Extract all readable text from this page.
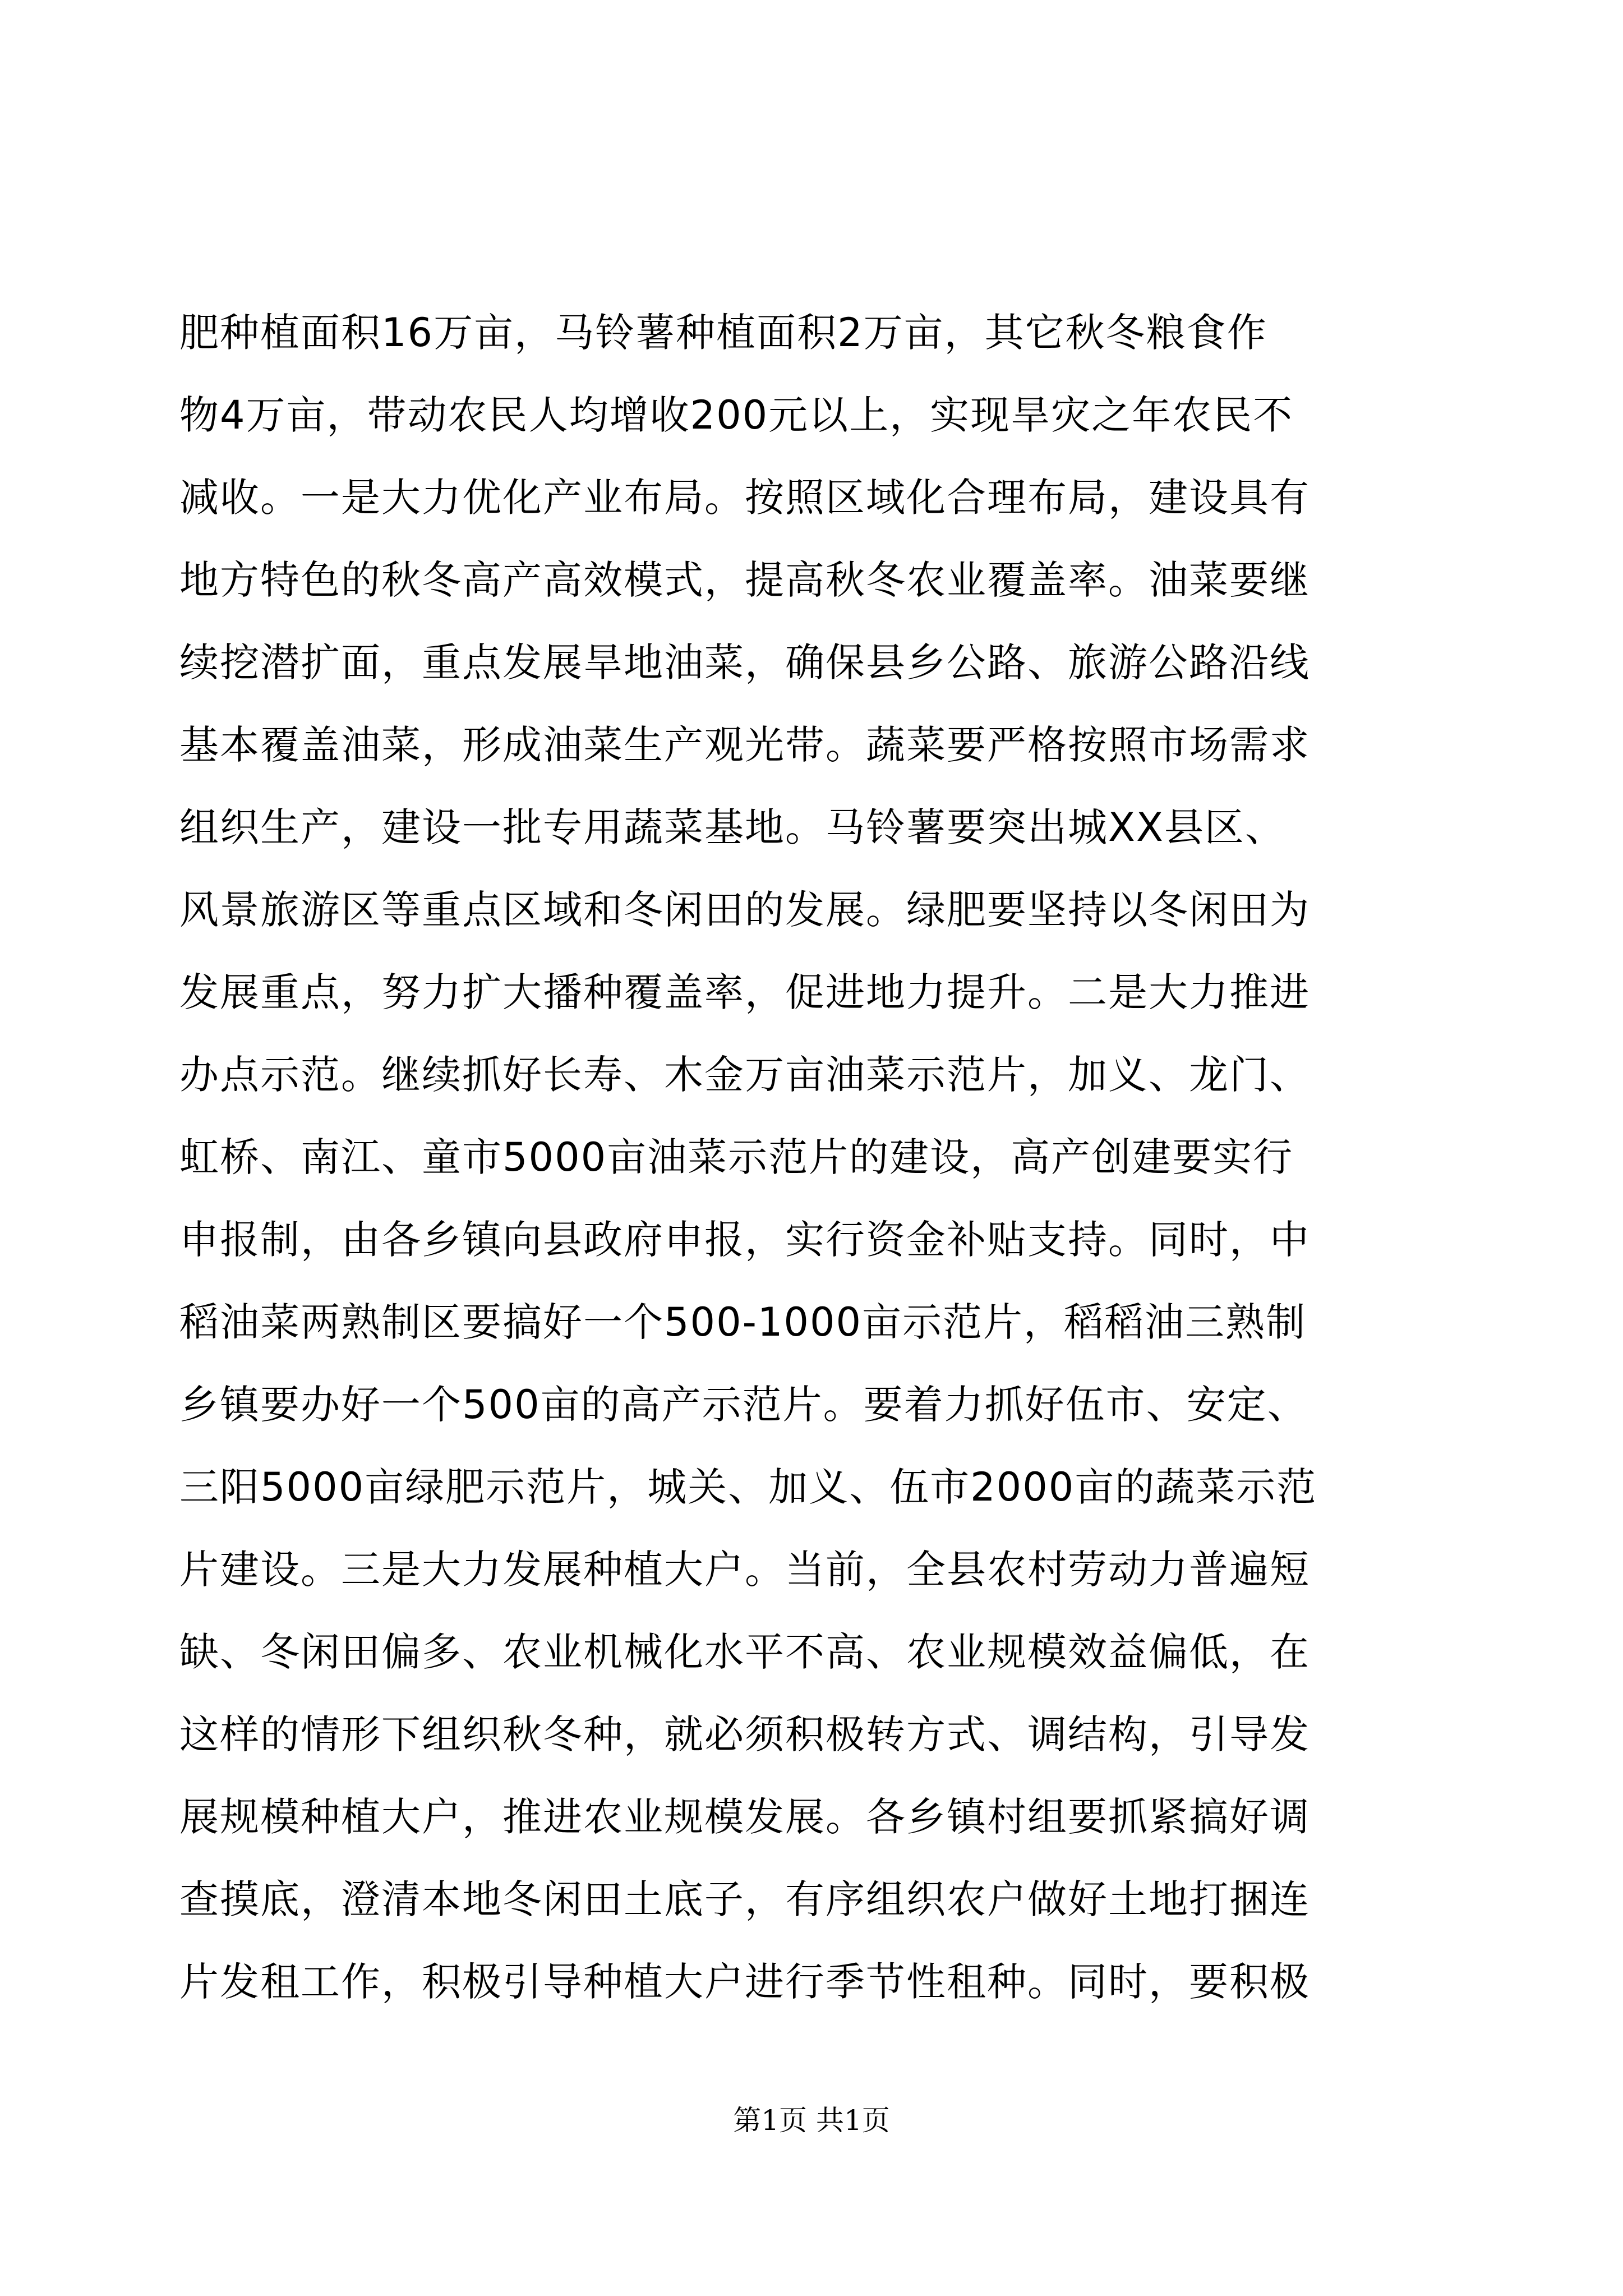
肥种植面积16万亩，马铃薯种植面积2万亩，其它秋冬粮食作
物4万亩，带动农民人均增收200元以上，实现旱灾之年农民不
减收。一是大力优化产业布局。按照区域化合理布局，建设具有
地方特色的秋冬高产高效模式，提高秋冬农业覆盖率。油菜要继
续挖潜扩面，重点发展旱地油菜，确保县乡公路、旅游公路沿线
基本覆盖油菜，形成油菜生产观光带。蔬菜要严格按照市场需求
组织生产，建设一批专用蔬菜基地。马铃薯要突出城XX县区、
风景旅游区等重点区域和冬闲田的发展。绿肥要坚持以冬闲田为
发展重点，努力扩大播种覆盖率，促进地力提升。二是大力推进
办点示范。继续抓好长寿、木金万亩油菜示范片，加义、龙门、
虹桥、南江、童市5000亩油菜示范片的建设，高产创建要实行
申报制，由各乡镇向县政府申报，实行资金补贴支持。同时，中
稻油菜两熟制区要搞好一个500-1000亩示范片，稻稻油三熟制
乡镇要办好一个500亩的高产示范片。要着力抓好伍市、安定、
三阳5000亩绿肥示范片，城关、加义、伍市2000亩的蔬菜示范
片建设。三是大力发展种植大户。当前，全县农村劳动力普遍短
缺、冬闲田偏多、农业机械化水平不高、农业规模效益偏低，在
这样的情形下组织秋冬种，就必须积极转方式、调结构，引导发
展规模种植大户，推进农业规模发展。各乡镇村组要抓紧搞好调
查摸底，澄清本地冬闲田土底子，有序组织农户做好土地打捆连
片发租工作，积极引导种植大户进行季节性租种。同时，要积极
第1页 共1页
